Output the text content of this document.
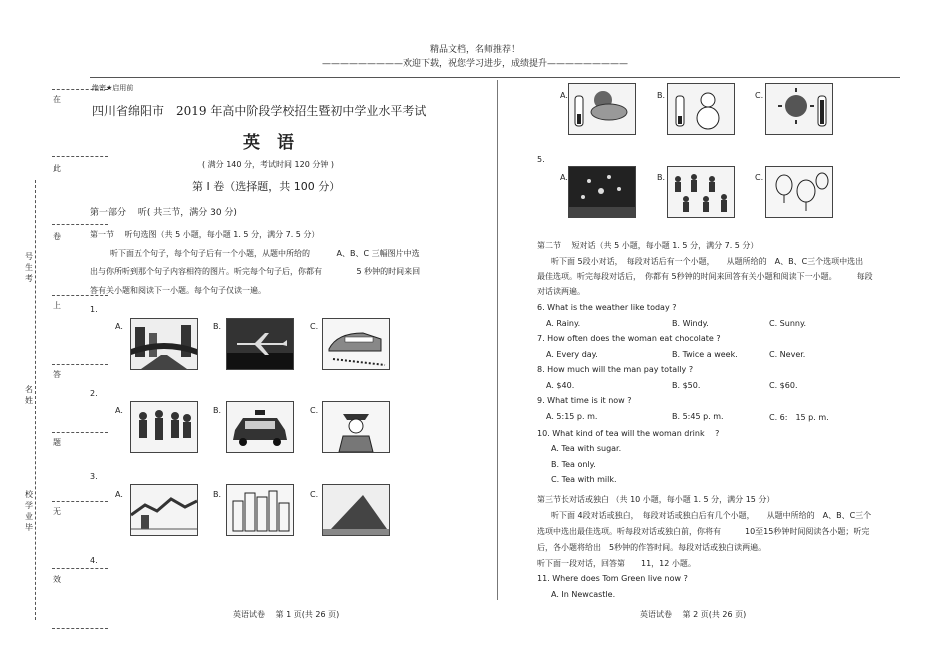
精品文档，名师推荐！
—————————欢迎下载，祝您学习进步，成绩提升—————————
在
此
卷
上
答
题
无
效
号
生
考
名
姓
校
学
业
毕
绝密★启用前
四川省绵阳市　2019 年高中阶段学校招生暨初中学业水平考试
英　语
( 满分 140 分，考试时间 120 分钟 )
第 I 卷（选择题，共 100 分）
第一部分　 听( 共三节，满分 30 分)
第一节　 听句选图（共 5 小题，每小题 1. 5 分，满分 7. 5 分）
听下面五个句子，每个句子后有一个小题，从题中所给的　　　 A、B、C 三幅图片中选
出与你所听到那个句子内容相符的图片。听完每个句子后，你都有　　　　 5 秒钟的时间来回
答有关小题和阅读下一小题。每个句子仅读一遍。
1.
A.	B.	C.
2.
A.	B.	C.
3.
A.	B.	C.
4.
英语试卷　 第 1 页(共 26 页)
A.	B.	C.
5.
A.	B.	C.
第二节　 短对话（共 5 小题，每小题 1. 5 分，满分 7. 5 分）
听下面 5段小对话，　每段对话后有一个小题，　　从题所给的　A、B、C三个选项中选出
最佳选项。听完每段对话后，　你都有 5秒钟的时间来回答有关小题和阅读下一小题。　　　每段
对话读两遍。
6. What is the weather like today ?
A. Rainy.	B. Windy.	C. Sunny.
7. How often does the woman eat chocolate ?
A. Every day.	B. Twice a week.	C. Never.
8. How much will the man pay totally ?
A. $40.	B. $50.	C. $60.
9. What time is it now ?
A. 5:15 p. m.	B. 5:45 p. m.	C. 6:　15 p. m.
10. What kind of tea will the woman drink　 ?
A. Tea with sugar.
B. Tea only.
C. Tea with milk.
第三节长对话或独白 （共 10 小题，每小题 1. 5 分，满分 15 分）
听下面 4段对话或独白，　每段对话或独白后有几个小题，　　从题中所给的　A、B、C三个
选项中选出最佳选项。听每段对话或独白前，你将有　　　10至15秒钟时间阅读各小题；听完
后，各小题将给出　5秒钟的作答时间。每段对话或独白读两遍。
听下面一段对话，回答第　　11，12 小题。
11. Where does Tom Green live now ?
A. In Newcastle.
英语试卷　 第 2 页(共 26 页)
